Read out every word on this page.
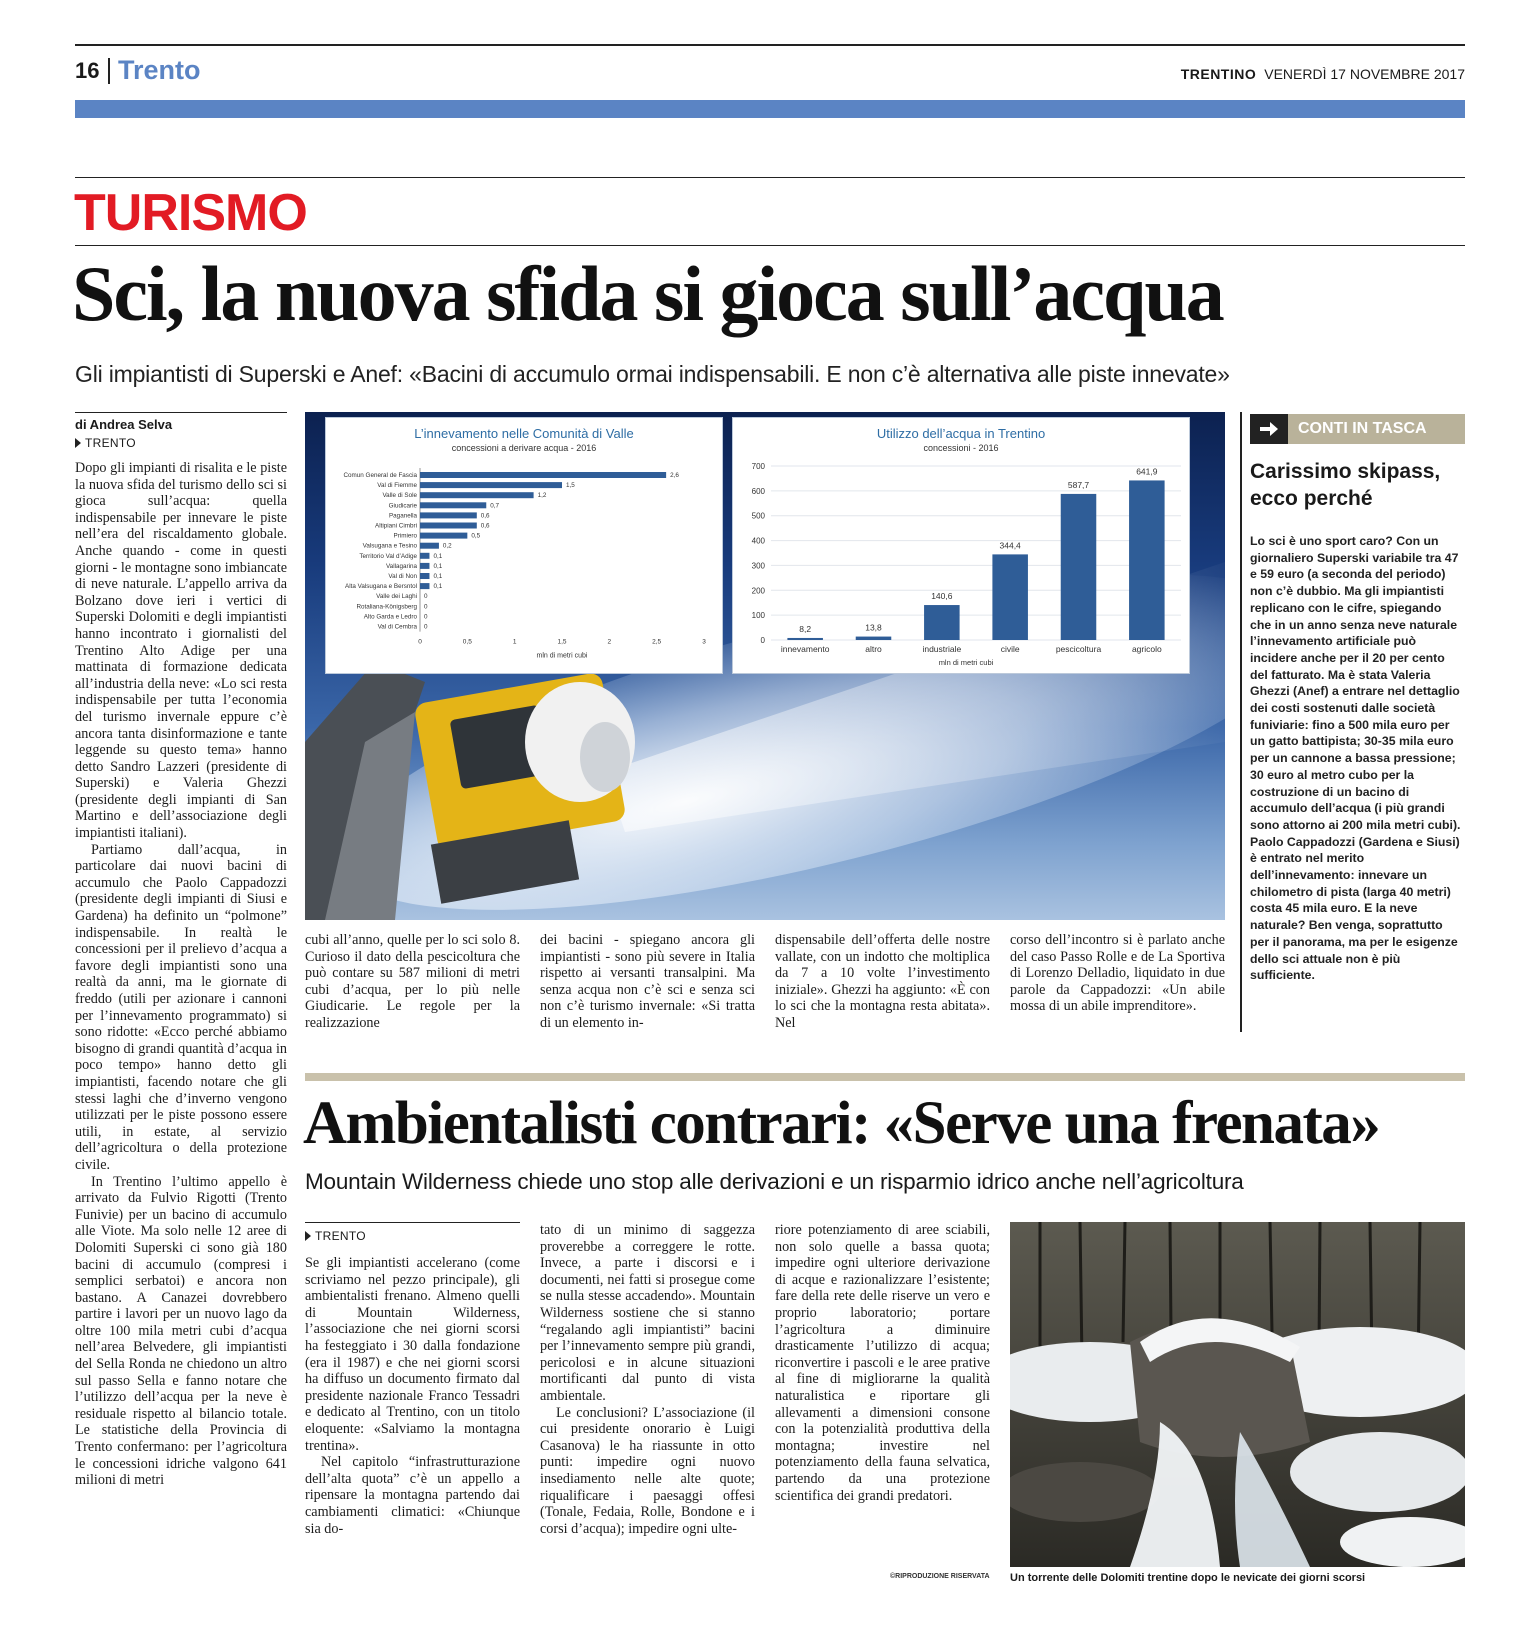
16 Trento	TRENTINO VENERDÌ 17 NOVEMBRE 2017
TURISMO
Sci, la nuova sfida si gioca sull’acqua
Gli impiantisti di Superski e Anef: «Bacini di accumulo ormai indispensabili. E non c’è alternativa alle piste innevate»
di Andrea Selva
TRENTO

Dopo gli impianti di risalita e le piste la nuova sfida del turismo dello sci si gioca sull’acqua: quella indispensabile per innevare le piste nell’era del riscaldamento globale. Anche quando - come in questi giorni - le montagne sono imbiancate di neve naturale. L’appello arriva da Bolzano dove ieri i vertici di Superski Dolomiti e degli impiantisti hanno incontrato i giornalisti del Trentino Alto Adige per una mattinata di formazione dedicata all’industria della neve: «Lo sci resta indispensabile per tutta l’economia del turismo invernale eppure c’è ancora tanta disinformazione e tante leggende su questo tema» hanno detto Sandro Lazzeri (presidente di Superski) e Valeria Ghezzi (presidente degli impianti di San Martino e dell’associazione degli impiantisti italiani).

Partiamo dall’acqua, in particolare dai nuovi bacini di accumulo che Paolo Cappadozzi (presidente degli impianti di Siusi e Gardena) ha definito un “polmone” indispensabile. In realtà le concessioni per il prelievo d’acqua a favore degli impiantisti sono una realtà da anni, ma le giornate di freddo (utili per azionare i cannoni per l’innevamento programmato) si sono ridotte: «Ecco perché abbiamo bisogno di grandi quantità d’acqua in poco tempo» hanno detto gli impiantisti, facendo notare che gli stessi laghi che d’inverno vengono utilizzati per le piste possono essere utili, in estate, al servizio dell’agricoltura o della protezione civile.

In Trentino l’ultimo appello è arrivato da Fulvio Rigotti (Trento Funivie) per un bacino di accumulo alle Viote. Ma solo nelle 12 aree di Dolomiti Superski ci sono già 180 bacini di accumulo (compresi i semplici serbatoi) e ancora non bastano. A Canazei dovrebbero partire i lavori per un nuovo lago da oltre 100 mila metri cubi d’acqua nell’area Belvedere, gli impiantisti del Sella Ronda ne chiedono un altro sul passo Sella e fanno notare che l’utilizzo dell’acqua per la neve è residuale rispetto al bilancio totale. Le statistiche della Provincia di Trento confermano: per l’agricoltura le concessioni idriche valgono 641 milioni di metri

L’innevamento nelle Comunità di Valle
concessioni a derivare acqua - 2016
Comun General de Fascia	2,6
Val di Fiemme	1,5
Valle di Sole	1,2
Giudicarie	0,7
Paganella	0,6
Altipiani Cimbri	0,6
Primiero	0,5
Valsugana e Tesino	0,2
Territorio Val d’Adige	0,1
Vallagarina	0,1
Val di Non	0,1
Alta Valsugana e Bersntol	0,1
Valle dei Laghi 0
Rotaliana-Königsberg 0
Alto Garda e Ledro 0
Val di Cembra 0
0	0,5	1	1,5	2	2,5	3
mln di metri cubi
Utilizzo dell’acqua in Trentino
concessioni - 2016
0
100
200
300
400
500
600
700
8,2
innevamento
13,8
altro
140,6
industriale
344,4
civile
587,7
pescicoltura
641,9
agricolo
mln di metri cubi

cubi all’anno, quelle per lo sci solo 8. Curioso il dato della pescicoltura che può contare su 587 milioni di metri cubi d’acqua, per lo più nelle Giudicarie. Le regole per la realizzazione

dei bacini - spiegano ancora gli impiantisti - sono più severe in Italia rispetto ai versanti transalpini. Ma senza acqua non c’è sci e senza sci non c’è turismo invernale: «Si tratta di un elemento in-

dispensabile dell’offerta delle nostre vallate, con un indotto che moltiplica da 7 a 10 volte l’investimento iniziale». Ghezzi ha aggiunto: «È con lo sci che la montagna resta abitata». Nel

corso dell’incontro si è parlato anche del caso Passo Rolle e de La Sportiva di Lorenzo Delladio, liquidato in due parole da Cappadozzi: «Un abile mossa di un abile imprenditore».

CONTI IN TASCA
Carissimo skipass, ecco perché
Lo sci è uno sport caro? Con un giornaliero Superski variabile tra 47 e 59 euro (a seconda del periodo) non c’è dubbio. Ma gli impiantisti replicano con le cifre, spiegando che in un anno senza neve naturale l’innevamento artificiale può incidere anche per il 20 per cento del fatturato. Ma è stata Valeria Ghezzi (Anef) a entrare nel dettaglio dei costi sostenuti dalle società funiviarie: fino a 500 mila euro per un gatto battipista; 30-35 mila euro per un cannone a bassa pressione; 30 euro al metro cubo per la costruzione di un bacino di accumulo dell’acqua (i più grandi sono attorno ai 200 mila metri cubi). Paolo Cappadozzi (Gardena e Siusi) è entrato nel merito dell’innevamento: innevare un chilometro di pista (larga 40 metri) costa 45 mila euro. E la neve naturale? Ben venga, soprattutto per il panorama, ma per le esigenze dello sci attuale non è più sufficiente.
Ambientalisti contrari: «Serve una frenata»
Mountain Wilderness chiede uno stop alle derivazioni e un risparmio idrico anche nell’agricoltura
TRENTO

Se gli impiantisti accelerano (come scriviamo nel pezzo principale), gli ambientalisti frenano. Almeno quelli di Mountain Wilderness, l’associazione che nei giorni scorsi ha festeggiato i 30 dalla fondazione (era il 1987) e che nei giorni scorsi ha diffuso un documento firmato dal presidente nazionale Franco Tessadri e dedicato al Trentino, con un titolo eloquente: «Salviamo la montagna trentina».

Nel capitolo “infrastrutturazione dell’alta quota” c’è un appello a ripensare la montagna partendo dai cambiamenti climatici: «Chiunque sia do-

tato di un minimo di saggezza proverebbe a correggere le rotte. Invece, a parte i discorsi e i documenti, nei fatti si prosegue come se nulla stesse accadendo». Mountain Wilderness sostiene che si stanno “regalando agli impiantisti” bacini per l’innevamento sempre più grandi, pericolosi e in alcune situazioni mortificanti dal punto di vista ambientale.

Le conclusioni? L’associazione (il cui presidente onorario è Luigi Casanova) le ha riassunte in otto punti: impedire ogni nuovo insediamento nelle alte quote; riqualificare i paesaggi offesi (Tonale, Fedaia, Rolle, Bondone e i corsi d’acqua); impedire ogni ulte-

riore potenziamento di aree sciabili, non solo quelle a bassa quota; impedire ogni ulteriore derivazione di acque e razionalizzare l’esistente; fare della rete delle riserve un vero e proprio laboratorio; portare l’agricoltura a diminuire drasticamente l’utilizzo di acqua; riconvertire i pascoli e le aree prative al fine di migliorarne la qualità naturalistica e riportare gli allevamenti a dimensioni consone con la potenzialità produttiva della montagna; investire nel potenziamento della fauna selvatica, partendo da una protezione scientifica dei grandi predatori.

©RIPRODUZIONE RISERVATA Un torrente delle Dolomiti trentine dopo le nevicate dei giorni scorsi
